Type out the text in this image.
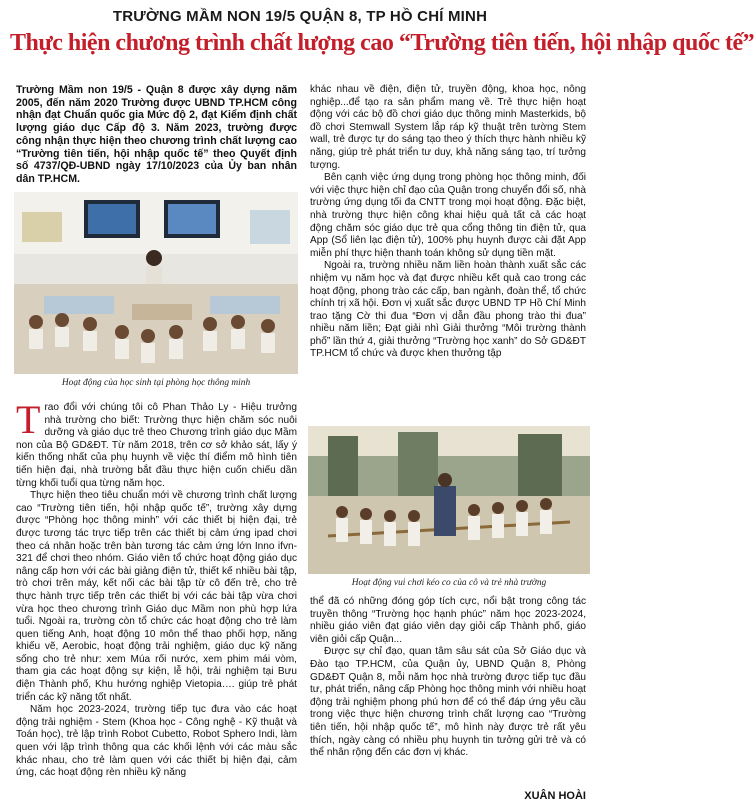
TRƯỜNG MẦM NON 19/5 QUẬN 8, TP HỒ CHÍ MINH
Thực hiện chương trình chất lượng cao “Trường tiên tiến, hội nhập quốc tế”
Trường Mầm non 19/5 - Quận 8 được xây dựng năm 2005, đến năm 2020 Trường được UBND TP.HCM công nhận đạt Chuẩn quốc gia Mức độ 2, đạt Kiểm định chất lượng giáo dục Cấp độ 3. Năm 2023, trường được công nhận thực hiện theo chương trình chất lượng cao “Trường tiên tiến, hội nhập quốc tế” theo Quyết định số 4737/QĐ-UBND ngày 17/10/2023 của Ủy ban nhân dân TP.HCM.
Hoạt động của học sinh tại phòng học thông minh

Trao đổi với chúng tôi cô Phan Thảo Ly - Hiệu trưởng nhà trường cho biết: Trường thực hiện chăm sóc nuôi dưỡng và giáo dục trẻ theo Chương trình giáo dục Mầm non của Bộ GD&ĐT. Từ năm 2018, trên cơ sở khảo sát, lấy ý kiến thống nhất của phụ huynh về việc thí điểm mô hình tiên tiến hiện đại, nhà trường bắt đầu thực hiện cuốn chiếu dần từng khối tuổi qua từng năm học.

Thực hiện theo tiêu chuẩn mới về chương trình chất lượng cao “Trường tiên tiến, hội nhập quốc tế”, trường xây dựng được “Phòng học thông minh” với các thiết bị hiện đại, trẻ được tương tác trực tiếp trên các thiết bị cảm ứng ipad chơi theo cá nhân hoặc trên bàn tương tác cảm ứng lớn Inno ifvn-321 để chơi theo nhóm. Giáo viên tổ chức hoạt động giáo dục nâng cấp hơn với các bài giảng điện tử, thiết kế nhiều bài tập, trò chơi trên máy, kết nối các bài tập từ cô đến trẻ, cho trẻ thực hành trực tiếp trên các thiết bị với các bài tập vừa chơi vừa học theo chương trình Giáo dục Mầm non phù hợp lứa tuổi. Ngoài ra, trường còn tổ chức các hoạt động cho trẻ làm quen tiếng Anh, hoạt động 10 môn thể thao phối hợp, năng khiếu vẽ, Aerobic, hoạt động trải nghiệm, giáo dục kỹ năng sống cho trẻ như: xem Múa rối nước, xem phim mái vòm, tham gia các hoạt động sự kiện, lễ hội, trải nghiệm tại Bưu điện Thành phố, Khu hướng nghiệp Vietopia…. giúp trẻ phát triển các kỹ năng tốt nhất.

Năm học 2023-2024, trường tiếp tục đưa vào các hoạt động trải nghiệm - Stem (Khoa học - Công nghệ - Kỹ thuật và Toán học), trẻ lập trình Robot Cubetto, Robot Sphero Indi, làm quen với lập trình thông qua các khối lệnh với các màu sắc khác nhau, cho trẻ làm quen với các thiết bị hiện đại, cảm ứng, các hoạt động rèn nhiều kỹ năng

khác nhau về điện, điện tử, truyền động, khoa học, nông nghiệp...để tạo ra sản phẩm mang về. Trẻ thực hiện hoạt động với các bộ đồ chơi giáo dục thông minh Masterkids, bộ đồ chơi Stemwall System lắp ráp kỹ thuật trên tường Stem wall, trẻ được tự do sáng tạo theo ý thích thực hành nhiều kỹ năng, giúp trẻ phát triển tư duy, khả năng sáng tạo, trí tưởng tượng.

Bên cạnh việc ứng dụng trong phòng học thông minh, đối với việc thực hiện chỉ đạo của Quận trong chuyển đổi số, nhà trường ứng dụng tối đa CNTT trong mọi hoạt động. Đặc biệt, nhà trường thực hiện công khai hiệu quả tất cả các hoạt động chăm sóc giáo dục trẻ qua cổng thông tin điện tử, qua App (Sổ liên lạc điện tử), 100% phụ huynh được cài đặt App miễn phí thực hiện thanh toán không sử dụng tiền mặt.

Ngoài ra, trường nhiều năm liền hoàn thành xuất sắc các nhiệm vụ năm học và đạt được nhiều kết quả cao trong các hoạt động, phong trào các cấp, ban ngành, đoàn thể, tổ chức chính trị xã hội. Đơn vị xuất sắc được UBND TP Hồ Chí Minh trao tặng Cờ thi đua “Đơn vị dẫn đầu phong trào thi đua” nhiều năm liền; Đạt giải nhì Giải thưởng “Môi trường thành phố” lần thứ 4, giải thưởng “Trường học xanh” do Sở GD&ĐT TP.HCM tổ chức và được khen thưởng tập

Hoạt động vui chơi kéo co của cô và trẻ nhà trường

thể đã có những đóng góp tích cực, nổi bật trong công tác truyền thông “Trường học hạnh phúc” năm học 2023-2024, nhiều giáo viên đạt giáo viên dạy giỏi cấp Thành phố, giáo viên giỏi cấp Quận...

Được sự chỉ đạo, quan tâm sâu sát của Sở Giáo dục và Đào tạo TP.HCM, của Quận ủy, UBND Quận 8, Phòng GD&ĐT Quận 8, mỗi năm học nhà trường được tiếp tục đầu tư, phát triển, nâng cấp Phòng học thông minh với nhiều hoạt động trải nghiệm phong phú hơn để có thể đáp ứng yêu cầu trong việc thực hiện chương trình chất lượng cao “Trường tiên tiến, hội nhập quốc tế”, mô hình này được trẻ rất yêu thích, ngày càng có nhiều phụ huynh tin tưởng gửi trẻ và có thể nhân rộng đến các đơn vị khác.

XUÂN HOÀI
